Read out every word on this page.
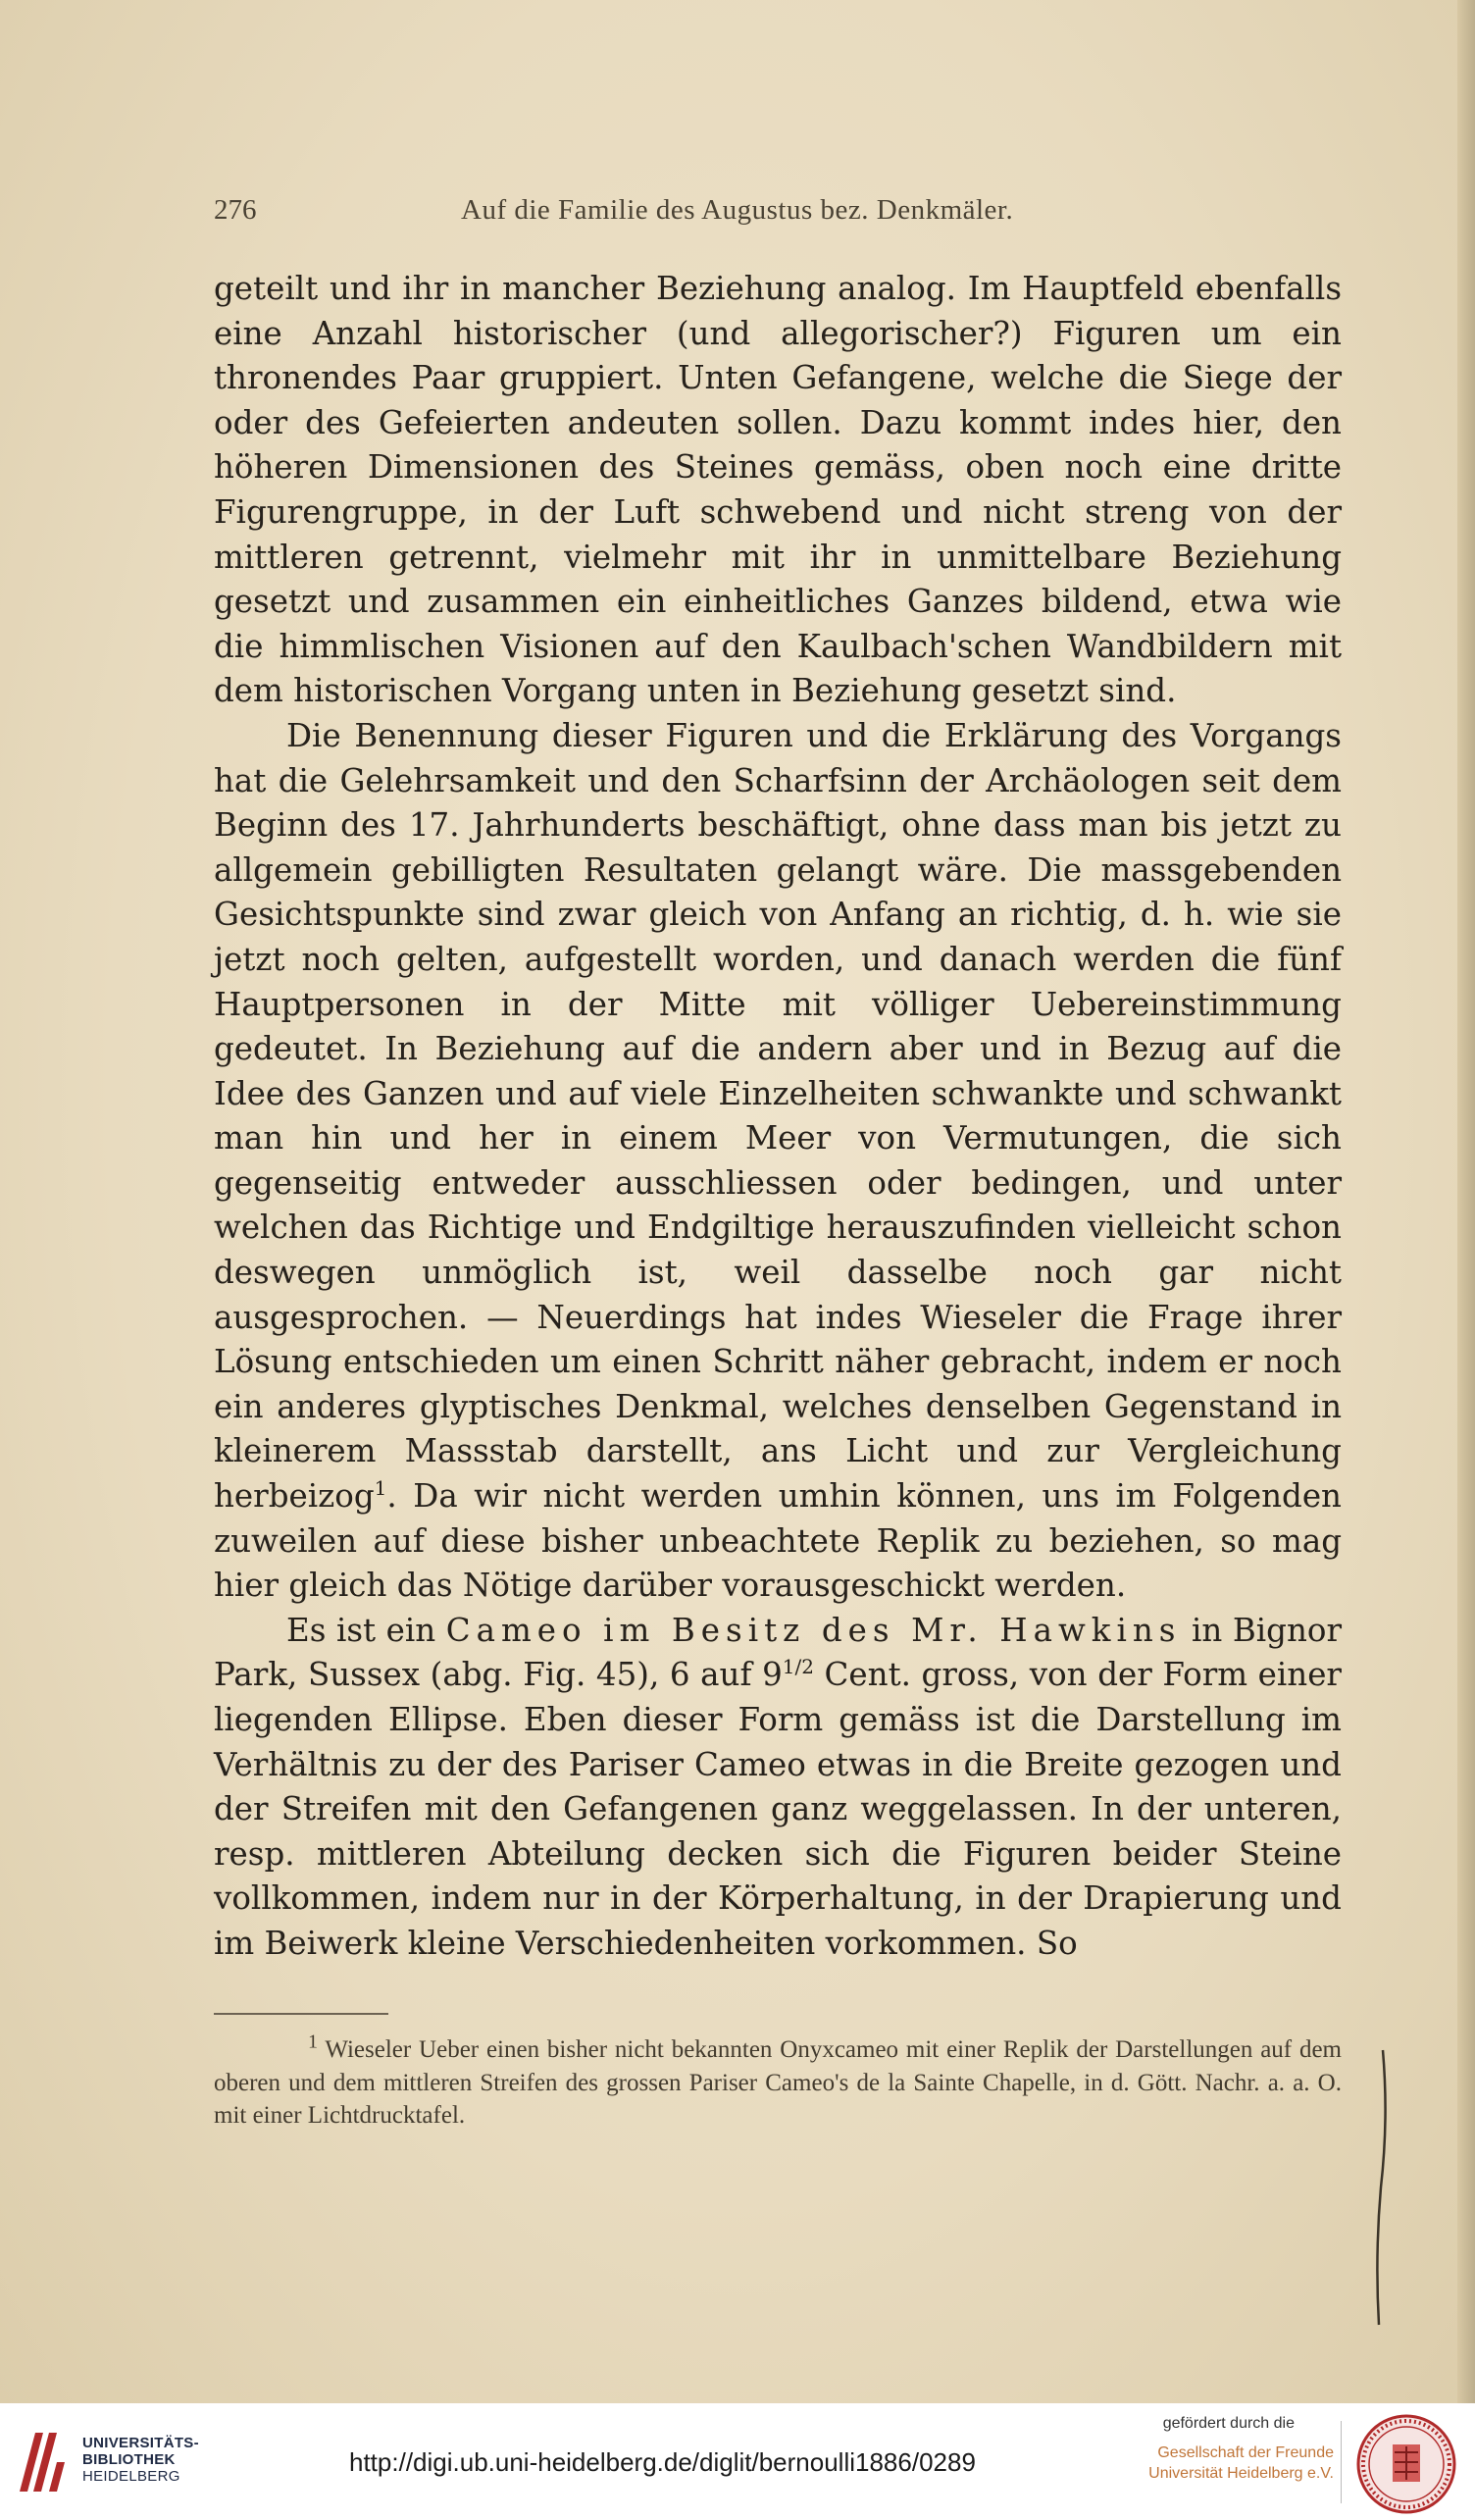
276	Auf die Familie des Augustus bez. Denkmäler.

geteilt und ihr in mancher Beziehung analog. Im Hauptfeld ebenfalls eine Anzahl historischer (und allegorischer?) Figuren um ein thronendes Paar gruppiert. Unten Gefangene, welche die Siege der oder des Gefeierten andeuten sollen. Dazu kommt indes hier, den höheren Dimensionen des Steines gemäss, oben noch eine dritte Figurengruppe, in der Luft schwebend und nicht streng von der mittleren getrennt, vielmehr mit ihr in unmittelbare Beziehung gesetzt und zusammen ein einheitliches Ganzes bildend, etwa wie die himmlischen Visionen auf den Kaulbach'schen Wandbildern mit dem historischen Vorgang unten in Beziehung gesetzt sind.

Die Benennung dieser Figuren und die Erklärung des Vorgangs hat die Gelehrsamkeit und den Scharfsinn der Archäologen seit dem Beginn des 17. Jahrhunderts beschäftigt, ohne dass man bis jetzt zu allgemein gebilligten Resultaten gelangt wäre. Die massgebenden Gesichtspunkte sind zwar gleich von Anfang an richtig, d. h. wie sie jetzt noch gelten, aufgestellt worden, und danach werden die fünf Hauptpersonen in der Mitte mit völliger Uebereinstimmung gedeutet. In Beziehung auf die andern aber und in Bezug auf die Idee des Ganzen und auf viele Einzelheiten schwankte und schwankt man hin und her in einem Meer von Vermutungen, die sich gegenseitig entweder ausschliessen oder bedingen, und unter welchen das Richtige und Endgiltige herauszufinden vielleicht schon deswegen unmöglich ist, weil dasselbe noch gar nicht ausgesprochen. — Neuerdings hat indes Wieseler die Frage ihrer Lösung entschieden um einen Schritt näher gebracht, indem er noch ein anderes glyptisches Denkmal, welches denselben Gegenstand in kleinerem Massstab darstellt, ans Licht und zur Vergleichung herbeizog$^1$. Da wir nicht werden umhin können, uns im Folgenden zuweilen auf diese bisher unbeachtete Replik zu beziehen, so mag hier gleich das Nötige darüber vorausgeschickt werden.

Es ist ein Cameo im Besitz des Mr. Hawkins in Bignor Park, Sussex (abg. Fig. 45), 6 auf $9^{1/2}$ Cent. gross, von der Form einer liegenden Ellipse. Eben dieser Form gemäss ist die Darstellung im Verhältnis zu der des Pariser Cameo etwas in die Breite gezogen und der Streifen mit den Gefangenen ganz weggelassen. In der unteren, resp. mittleren Abteilung decken sich die Figuren beider Steine vollkommen, indem nur in der Körperhaltung, in der Drapierung und im Beiwerk kleine Verschiedenheiten vorkommen. So

$^1$ Wieseler Ueber einen bisher nicht bekannten Onyxcameo mit einer Replik der Darstellungen auf dem oberen und dem mittleren Streifen des grossen Pariser Cameo's de la Sainte Chapelle, in d. Gött. Nachr. a. a. O. mit einer Lichtdrucktafel.

UNIVERSITÄTS-
BIBLIOTHEK
HEIDELBERG	http://digi.ub.uni-heidelberg.de/diglit/bernoulli1886/0289
gefördert durch die
Gesellschaft der Freunde
Universität Heidelberg e.V.
